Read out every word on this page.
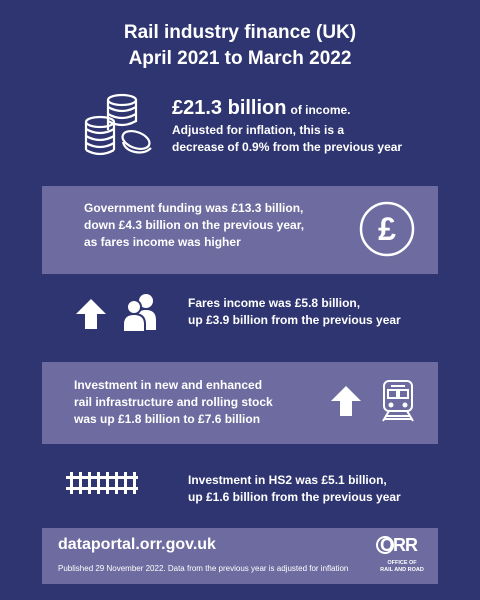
Rail industry finance (UK)
April 2021 to March 2022
£21.3 billion of income.
Adjusted for inflation, this is a
decrease of 0.9% from the previous year
Government funding was £13.3 billion,
down £4.3 billion on the previous year,
as fares income was higher	£
Fares income was £5.8 billion,
up £3.9 billion from the previous year
Investment in new and enhanced
rail infrastructure and rolling stock
was up £1.8 billion to £7.6 billion
Investment in HS2 was £5.1 billion,
up £1.6 billion from the previous year
dataportal.orr.gov.uk
Published 29 November 2022. Data from the previous year is adjusted for inflation
ORR
OFFICE OF
RAIL AND ROAD
